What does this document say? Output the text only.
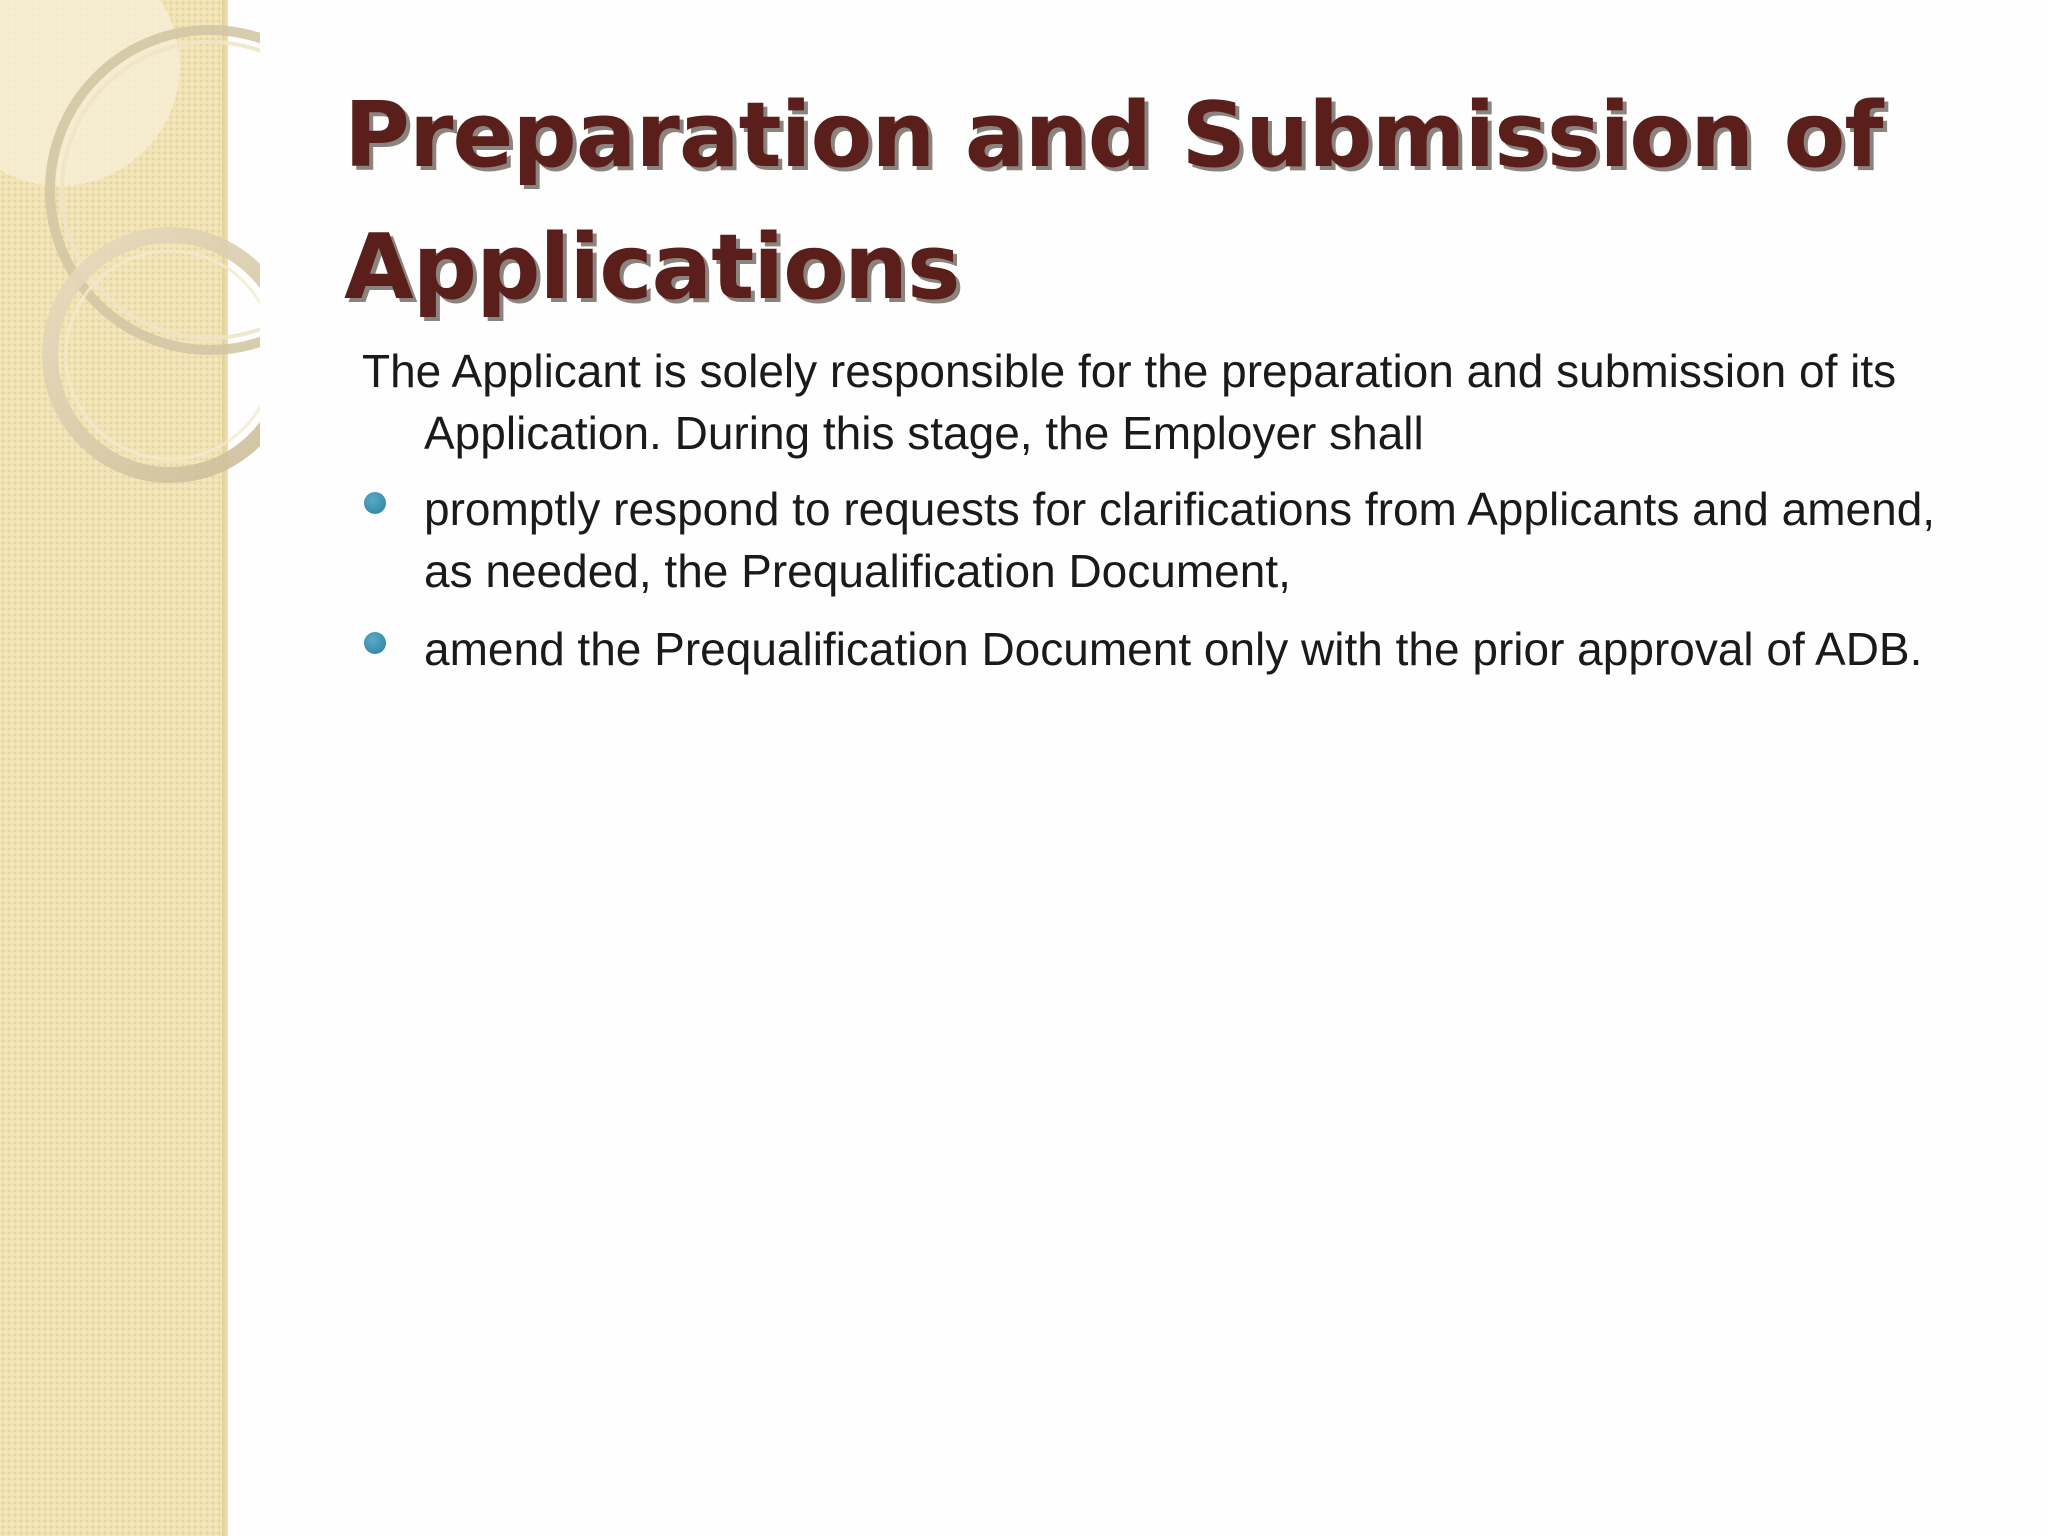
Preparation and Submission of Applications

The Applicant is solely responsible for the preparation and submission of its Application. During this stage, the Employer shall

promptly respond to requests for clarifications from Applicants and amend, as needed, the Prequalification Document,
amend the Prequalification Document only with the prior approval of ADB.
